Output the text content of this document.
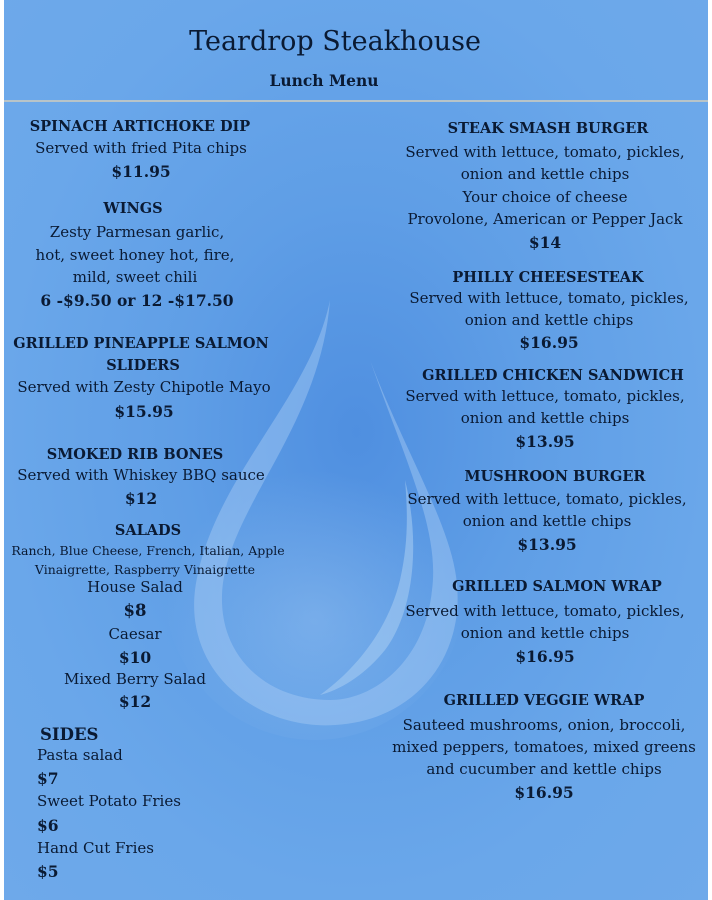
Teardrop Steakhouse
Lunch Menu
SPINACH ARTICHOKE DIP
Served with fried Pita chips
$11.95
WINGS
Zesty Parmesan garlic,
hot, sweet honey hot, fire,
mild, sweet chili
6 -$9.50 or 12 -$17.50
GRILLED PINEAPPLE SALMON
SLIDERS
Served with Zesty Chipotle Mayo
$15.95
SMOKED RIB BONES
Served with Whiskey BBQ sauce
$12
SALADS
Ranch, Blue Cheese, French, Italian, Apple
Vinaigrette, Raspberry Vinaigrette
House Salad
$8
Caesar
$10
Mixed Berry Salad
$12
SIDES
Pasta salad
$7
Sweet Potato Fries
$6
Hand Cut Fries
$5
STEAK SMASH BURGER
Served with lettuce, tomato, pickles,
onion and kettle chips
Your choice of cheese
Provolone, American or Pepper Jack
$14
PHILLY CHEESESTEAK
Served with lettuce, tomato, pickles,
onion and kettle chips
$16.95
GRILLED CHICKEN SANDWICH
Served with lettuce, tomato, pickles,
onion and kettle chips
$13.95
MUSHROON BURGER
Served with lettuce, tomato, pickles,
onion and kettle chips
$13.95
GRILLED SALMON WRAP
Served with lettuce, tomato, pickles,
onion and kettle chips
$16.95
GRILLED VEGGIE WRAP
Sauteed mushrooms, onion, broccoli,
mixed peppers, tomatoes, mixed greens
and cucumber and kettle chips
$16.95
